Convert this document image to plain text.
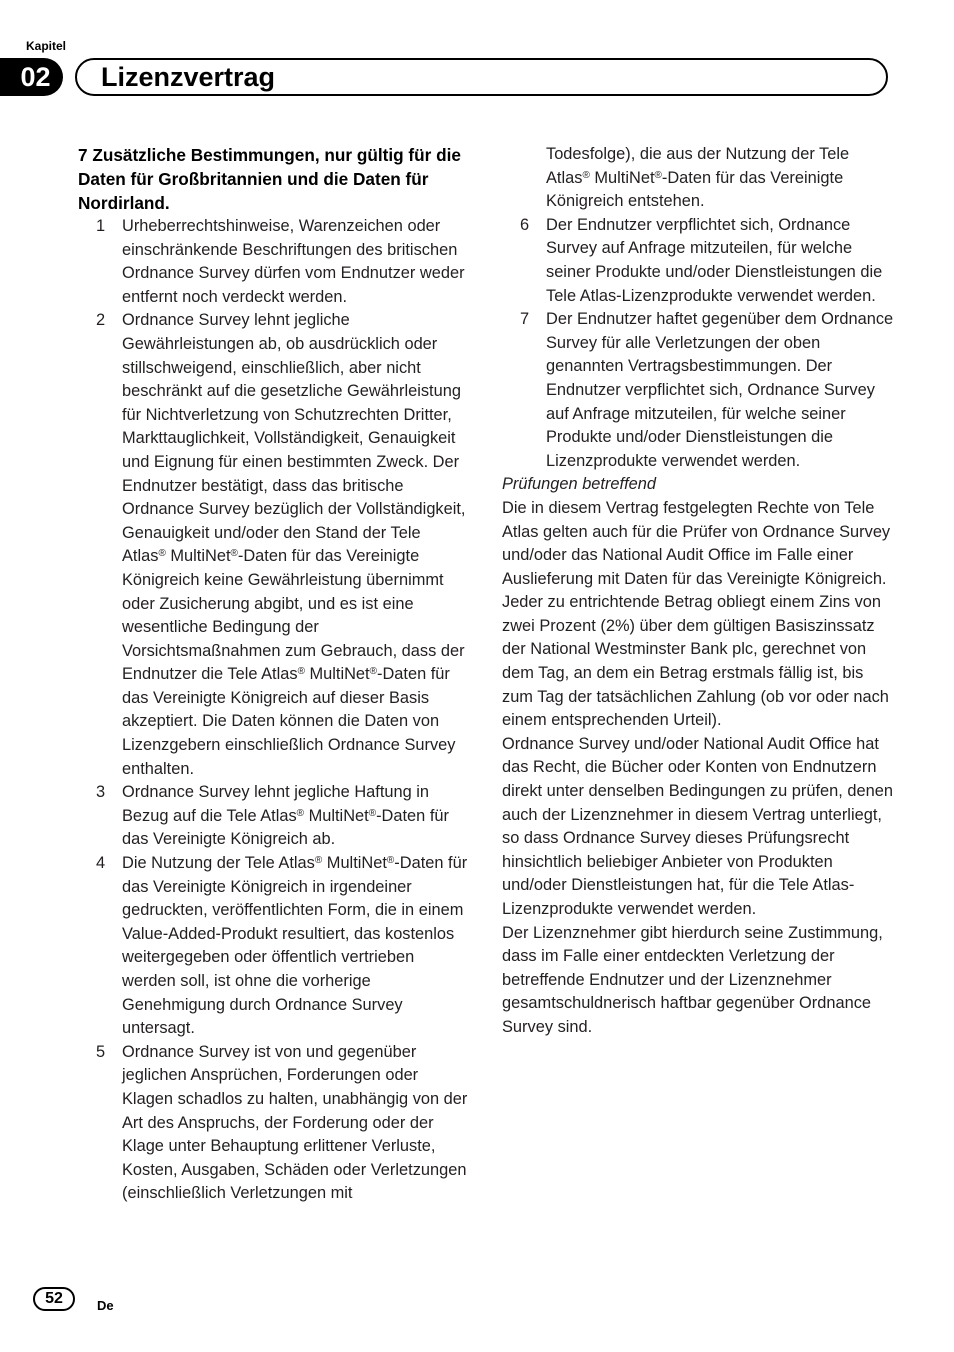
Kapitel
02	Lizenzvertrag
7 Zusätzliche Bestimmungen, nur gültig für die Daten für Großbritannien und die Daten für Nordirland.
1 Urheberrechtshinweise, Warenzeichen oder einschränkende Beschriftungen des britischen Ordnance Survey dürfen vom Endnutzer weder entfernt noch verdeckt werden.
2 Ordnance Survey lehnt jegliche Gewährleistungen ab, ob ausdrücklich oder stillschweigend, einschließlich, aber nicht beschränkt auf die gesetzliche Gewährleistung für Nichtverletzung von Schutzrechten Dritter, Markttauglichkeit, Vollständigkeit, Genauigkeit und Eignung für einen bestimmten Zweck. Der Endnutzer bestätigt, dass das britische Ordnance Survey bezüglich der Vollständigkeit, Genauigkeit und/oder den Stand der Tele Atlas® MultiNet®-Daten für das Vereinigte Königreich keine Gewährleistung übernimmt oder Zusicherung abgibt, und es ist eine wesentliche Bedingung der Vorsichtsmaßnahmen zum Gebrauch, dass der Endnutzer die Tele Atlas® MultiNet®-Daten für das Vereinigte Königreich auf dieser Basis akzeptiert. Die Daten können die Daten von Lizenzgebern einschließlich Ordnance Survey enthalten.
3 Ordnance Survey lehnt jegliche Haftung in Bezug auf die Tele Atlas® MultiNet®-Daten für das Vereinigte Königreich ab.
4 Die Nutzung der Tele Atlas® MultiNet®-Daten für das Vereinigte Königreich in irgendeiner gedruckten, veröffentlichten Form, die in einem Value-Added-Produkt resultiert, das kostenlos weitergegeben oder öffentlich vertrieben werden soll, ist ohne die vorherige Genehmigung durch Ordnance Survey untersagt.
5 Ordnance Survey ist von und gegenüber jeglichen Ansprüchen, Forderungen oder Klagen schadlos zu halten, unabhängig von der Art des Anspruchs, der Forderung oder der Klage unter Behauptung erlittener Verluste, Kosten, Ausgaben, Schäden oder Verletzungen (einschließlich Verletzungen mit
Todesfolge), die aus der Nutzung der Tele Atlas® MultiNet®-Daten für das Vereinigte Königreich entstehen.
6 Der Endnutzer verpflichtet sich, Ordnance Survey auf Anfrage mitzuteilen, für welche seiner Produkte und/oder Dienstleistungen die Tele Atlas-Lizenzprodukte verwendet werden.
7 Der Endnutzer haftet gegenüber dem Ordnance Survey für alle Verletzungen der oben genannten Vertragsbestimmungen. Der Endnutzer verpflichtet sich, Ordnance Survey auf Anfrage mitzuteilen, für welche seiner Produkte und/oder Dienstleistungen die Lizenzprodukte verwendet werden.
Prüfungen betreffend
Die in diesem Vertrag festgelegten Rechte von Tele Atlas gelten auch für die Prüfer von Ordnance Survey und/oder das National Audit Office im Falle einer Auslieferung mit Daten für das Vereinigte Königreich. Jeder zu entrichtende Betrag obliegt einem Zins von zwei Prozent (2%) über dem gültigen Basiszinssatz der National Westminster Bank plc, gerechnet von dem Tag, an dem ein Betrag erstmals fällig ist, bis zum Tag der tatsächlichen Zahlung (ob vor oder nach einem entsprechenden Urteil).
Ordnance Survey und/oder National Audit Office hat das Recht, die Bücher oder Konten von Endnutzern direkt unter denselben Bedingungen zu prüfen, denen auch der Lizenznehmer in diesem Vertrag unterliegt, so dass Ordnance Survey dieses Prüfungsrecht hinsichtlich beliebiger Anbieter von Produkten und/oder Dienstleistungen hat, für die Tele Atlas-Lizenzprodukte verwendet werden.
Der Lizenznehmer gibt hierdurch seine Zustimmung, dass im Falle einer entdeckten Verletzung der betreffende Endnutzer und der Lizenznehmer gesamtschuldnerisch haftbar gegenüber Ordnance Survey sind.
52	De
